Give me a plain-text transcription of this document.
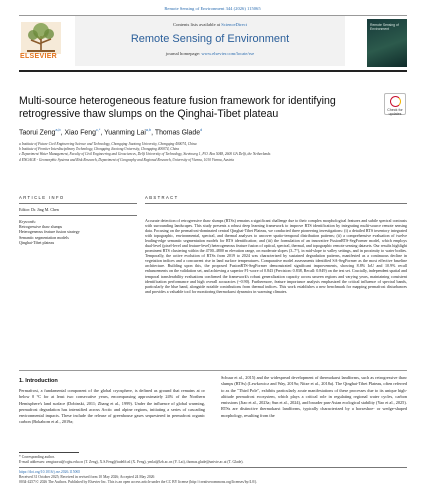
Remote Sensing of Environment 344 (2026) 115065
ELSEVIER
Contents lists available at ScienceDirect
Remote Sensing of Environment
journal homepage: www.elsevier.com/locate/rse
Remote Sensing of Environment
Multi-source heterogeneous feature fusion framework for identifying retrogressive thaw slumps on the Qinghai-Tibet plateau	Check for updates
Taorui Zeng$^{a,b}$, Xiao Feng$^{c,*}$, Yuanming Lai$^{a,b}$, Thomas Glade$^d$
a Institute of Future Civil Engineering Science and Technology, Chongqing Jiaotong University, Chongqing 400074, China
b Institute of Frontier Interdisciplinary Technology, Chongqing Jiaotong University, Chongqing 400074, China
c Department Water Management, Faculty of Civil Engineering and Geosciences, Delft University of Technology, Stevinweg 1, P.O. Box 5048, 2600 GA Delft, the Netherlands
d ENGAGE - Geomorphic Systems and Risk Research, Department of Geography and Regional Research, University of Vienna, 1010 Vienna, Austria
ARTICLE INFO	ABSTRACT
Editor: Dr. Jing M. Chen
Keywords:
Retrogressive thaw slumps
Heterogeneous feature fusion strategy
Semantic segmentation models
Qinghai-Tibet plateau
Accurate detection of retrogressive thaw slumps (RTSs) remains a significant challenge due to their complex morphological features and subtle spectral contrasts with surrounding landscapes. This study presents a robust deep learning framework to improve RTS identification by integrating multi-source remote sensing data. Focusing on the permafrost-dominated central Qinghai-Tibet Plateau, we conducted three pioneering investigations: (i) a detailed RTS inventory integrated with topographic, environmental, spectral, and thermal analyses to uncover spatio-temporal distribution patterns; (ii) a comprehensive evaluation of twelve leading-edge semantic segmentation models for RTS identification; and (iii) the formulation of an innovative FusionRTS-SegFormer model, which employs dual-level (pixel-level and feature-level) heterogeneous feature fusion of optical, spectral, thermal, and topographic remote sensing datasets. Our results highlight prominent RTS clustering within the 4700–4800 m elevation range, on moderate slopes (3–7°), in mid-slope to valley settings, and in proximity to water bodies. Temporally, the active evolution of RTSs from 2019 to 2024 was characterized by sustained degradation patterns, manifested as a continuous decline in vegetation indices and a concurrent rise in land surface temperatures. Comparative model assessments identified SA-SegFormer as the most effective baseline architecture. Building upon this, the proposed FusionRTS-SegFormer demonstrated significant improvements, showing 8.8% IoU and 10.9% recall enhancements on the validation set, and achieving a superior F1-score of 0.843 (Precision: 0.838, Recall: 0.849) on the test set. Crucially, independent spatial and temporal transferability evaluations confirmed the framework's robust generalization capacity across unseen regions and varying years, maintaining consistent identification performance and high overall accuracies (~0.90). Furthermore, feature importance analysis emphasized the critical influence of spectral bands, particularly the blue band, alongside notable contributions from thermal indices. This work establishes a new benchmark for mapping permafrost disturbances and provides a valuable tool for monitoring thermokarst dynamics in warming climates.
1. Introduction
Permafrost, a fundamental component of the global cryosphere, is defined as ground that remains at or below 0 °C for at least two consecutive years, encompassing approximately 24% of the Northern Hemisphere's land surface (Dobinski, 2011; Zhang et al., 1999). Under the influence of global warming, permafrost degradation has intensified across Arctic and alpine regions, initiating a series of cascading environmental impacts. These include the release of greenhouse gases sequestered in permafrost organic carbon (Bokaborn et al., 2019a;
Schuur et al., 2015) and the widespread development of thermokarst landforms, such as retrogressive thaw slumps (RTSs) (Lewkowicz and Way, 2019a; Nitze et al., 2018a). The Qinghai-Tibet Plateau, often referred to as the "Third Pole", exhibits particularly acute manifestations of these processes due to its unique high-altitude permafrost ecosystem, which plays a critical role in regulating regional water cycles, carbon emissions (Jiao et al., 2023a; Sun et al., 2024), and broader pan-Asian ecological stability (Yao et al., 2025).
RTSs are distinctive thermokarst landforms, typically characterized by a horseshoe- or wedge-shaped morphology, resulting from the
* Corresponding author.
E-mail addresses: zengtaorui@cqjtu.edu.cn (T. Zeng), X.S.Feng@tudelft.nl (X. Feng), ymlai@lzb.ac.cn (Y. Lai), thomas.glade@univie.ac.at (T. Glade).
https://doi.org/10.1016/j.rse.2026.115065
Received 31 October 2025; Received in revised form 10 May 2026; Accepted 24 May 2026
0034-4257/© 2026 The Authors. Published by Elsevier Inc. This is an open access article under the CC BY license (http://creativecommons.org/licenses/by/4.0/).
